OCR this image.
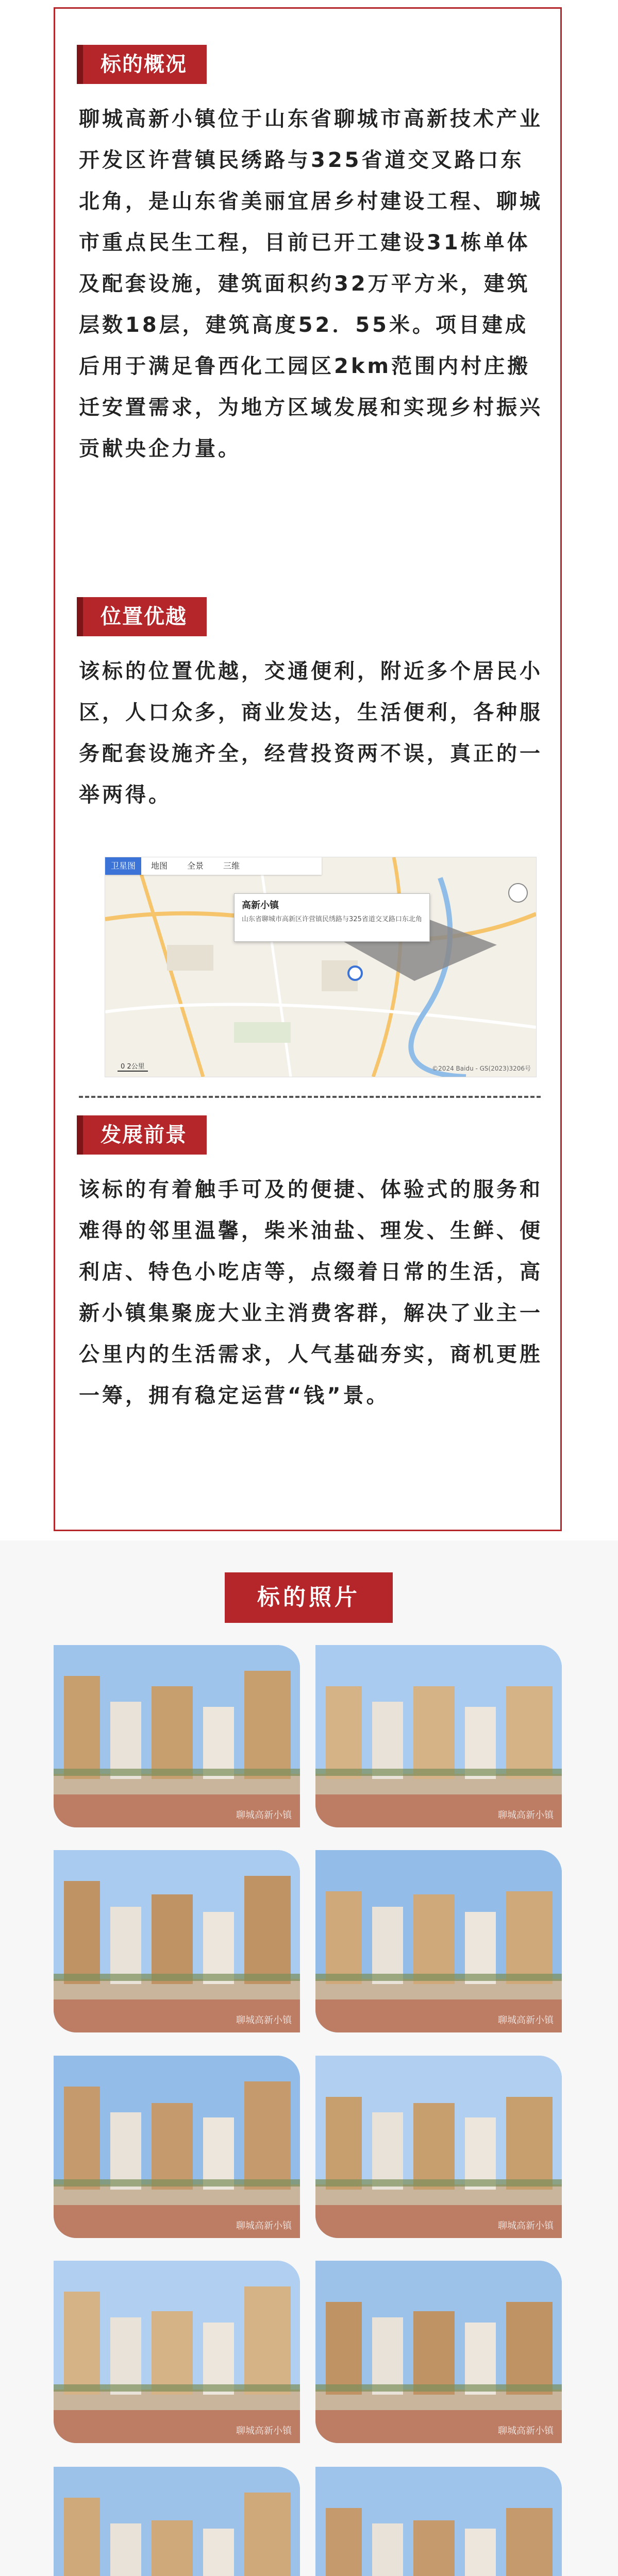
标的概况
聊城高新小镇位于山东省聊城市高新技术产业开发区许营镇民绣路与325省道交叉路口东北角，是山东省美丽宜居乡村建设工程、聊城市重点民生工程，目前已开工建设31栋单体及配套设施，建筑面积约32万平方米，建筑层数18层，建筑高度52．55米。项目建成后用于满足鲁西化工园区2km范围内村庄搬迁安置需求，为地方区域发展和实现乡村振兴贡献央企力量。
位置优越
该标的位置优越，交通便利，附近多个居民小区，人口众多，商业发达，生活便利，各种服务配套设施齐全，经营投资两不误，真正的一举两得。
卫星图	地图	全景	三维
高新小镇
山东省聊城市高新区许营镇民绣路与325省道交叉路口东北角
0 2公里	©2024 Baidu - GS(2023)3206号
发展前景
该标的有着触手可及的便捷、体验式的服务和难得的邻里温馨，柴米油盐、理发、生鲜、便利店、特色小吃店等，点缀着日常的生活，高新小镇集聚庞大业主消费客群，解决了业主一公里内的生活需求，人气基础夯实，商机更胜一筹，拥有稳定运营“钱”景。
标的照片
聊城高新小镇	聊城高新小镇
聊城高新小镇	聊城高新小镇
聊城高新小镇	聊城高新小镇
聊城高新小镇	聊城高新小镇
